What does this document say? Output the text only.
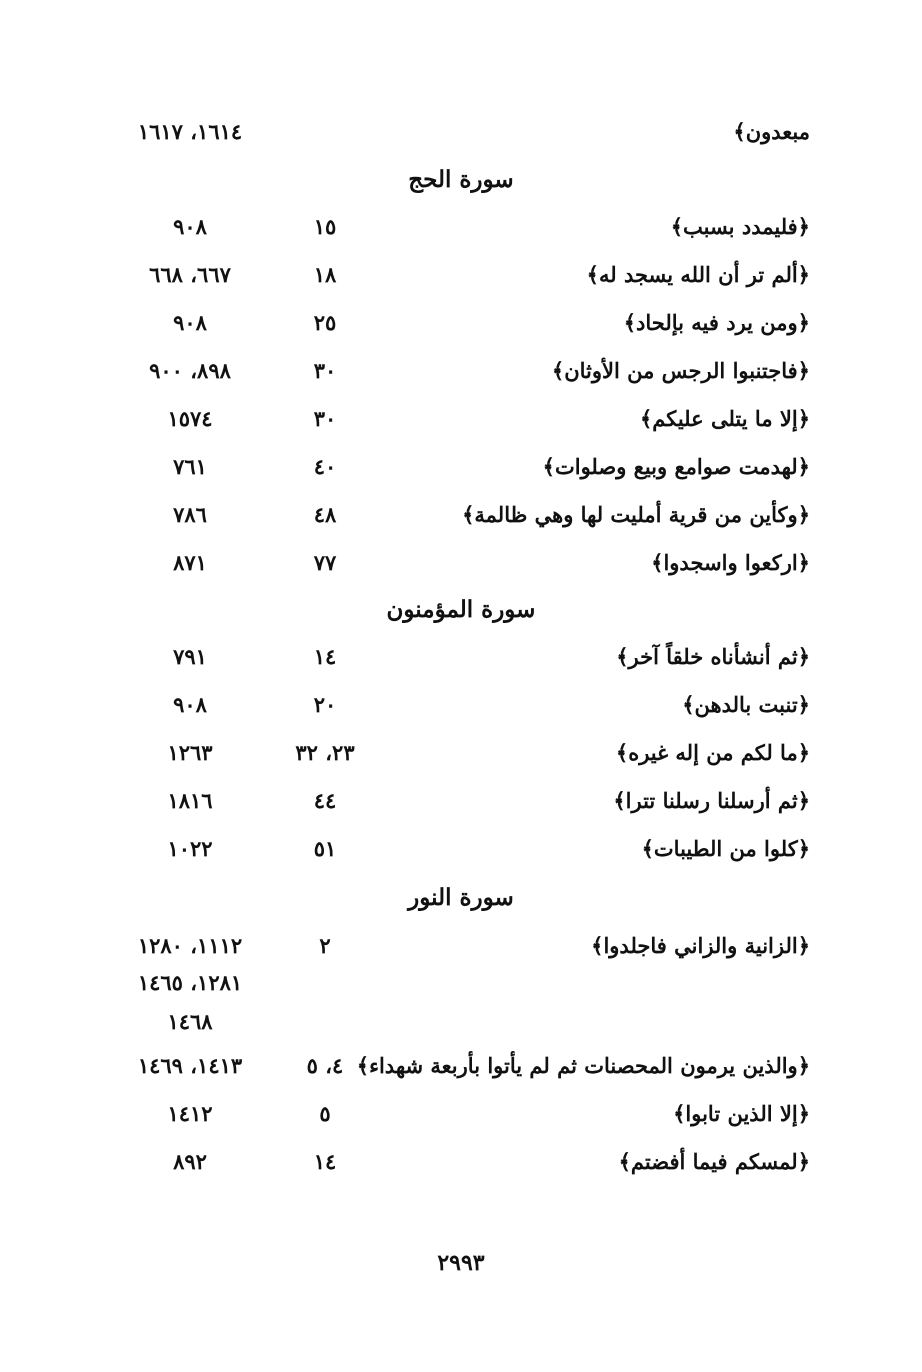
مبعدون﴾
١٦١٤، ١٦١٧
سورة الحج
﴿فليمدد بسبب﴾
١٥
٩٠٨
﴿ألم تر أن الله يسجد له﴾
١٨
٦٦٧، ٦٦٨
﴿ومن يرد فيه بإلحاد﴾
٢٥
٩٠٨
﴿فاجتنبوا الرجس من الأوثان﴾
٣٠
٨٩٨، ٩٠٠
﴿إلا ما يتلى عليكم﴾
٣٠
١٥٧٤
﴿لهدمت صوامع وبيع وصلوات﴾
٤٠
٧٦١
﴿وكأين من قرية أمليت لها وهي ظالمة﴾
٤٨
٧٨٦
﴿اركعوا واسجدوا﴾
٧٧
٨٧١
سورة المؤمنون
﴿ثم أنشأناه خلقاً آخر﴾
١٤
٧٩١
﴿تنبت بالدهن﴾
٢٠
٩٠٨
﴿ما لكم من إله غيره﴾
٢٣، ٣٢
١٢٦٣
﴿ثم أرسلنا رسلنا تترا﴾
٤٤
١٨١٦
﴿كلوا من الطيبات﴾
٥١
١٠٢٢
سورة النور
﴿الزانية والزاني فاجلدوا﴾
٢
١١١٢، ١٢٨٠
١٢٨١، ١٤٦٥
١٤٦٨
﴿والذين يرمون المحصنات ثم لم يأتوا بأربعة شهداء﴾
٤، ٥
١٤١٣، ١٤٦٩
﴿إلا الذين تابوا﴾
٥
١٤١٢
﴿لمسكم فيما أفضتم﴾
١٤
٨٩٢
٢٩٩٣
